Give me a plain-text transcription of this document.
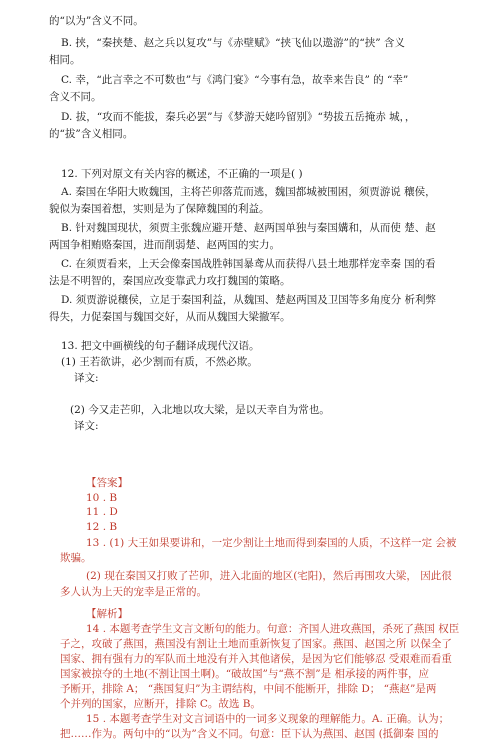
的“以为”含义不同。
B. 挟，“秦挟楚、赵之兵以复攻”与《赤壁赋》“挟飞仙以遨游”的“挟” 含义
相同。
C. 幸，“此言幸之不可数也”与《鸿门宴》“今事有急，故幸来告良” 的 “幸”
含义不同。
D. 拔，“攻而不能拔，秦兵必罢”与《梦游天姥吟留别》“势拔五岳掩赤 城，，
的“拔”含义相同。
12. 下列对原文有关内容的概述，不正确的一项是( )
A. 秦国在华阳大败魏国，主将芒卯落荒而逃，魏国都城被围困，须贾游说 穰侯，
貌似为秦国着想，实则是为了保障魏国的利益。
B. 针对魏国现状，须贾主张魏应避开楚、赵两国单独与秦国媾和，从而使 楚、赵
两国争相贿赂秦国，进而削弱楚、赵两国的实力。
C. 在须贾看来，上天会像秦国战胜韩国暴鸢从而获得八县土地那样宠幸秦 国的看
法是不明智的，秦国应改变靠武力攻打魏国的策略。
D. 须贾游说穰侯，立足于秦国利益，从魏国、楚赵两国及卫国等多角度分 析利弊
得失，力促秦国与魏国交好，从而从魏国大梁撤军。
13. 把文中画横线的句子翻译成现代汉语。
(1) 王若欲讲，必少割而有质，不然必欺。
译文:
(2) 今又走芒卯，入北地以攻大梁，是以天幸自为常也。
译文:
【答案】
10 . B
11 . D
12 . B
13 . (1) 大王如果要讲和，一定少割让土地而得到秦国的人质，不这样一定 会被
欺骗。
(2) 现在秦国又打败了芒卯，进入北面的地区(宅阳)，然后再围攻大梁， 因此很
多人认为上天的宠幸是正常的。
【解析】
14 . 本题考查学生文言文断句的能力。句意：齐国人进攻燕国，杀死了燕国 权臣
子之，攻破了燕国，燕国没有割让土地而重新恢复了国家。燕国、赵国之所 以保全了
国家、拥有强有力的军队而土地没有并入其他诸侯，是因为它们能够忍 受艰难而看重
国家被掠夺的土地(不割让国土啊)。“破故国”与“燕不割”是 相承接的两件事，应
予断开，排除 A； “燕国复归”为主谓结构，中间不能断开，排除 D； “燕赵”是两
个并列的国家，应断开，排除 C。故选 B。
15 . 本题考查学生对文言词语中的一词多义现象的理解能力。A. 正确。认为；
把……作为。两句中的“以为”含义不同。句意：臣下认为燕国、赵国 (抵御秦 国的
